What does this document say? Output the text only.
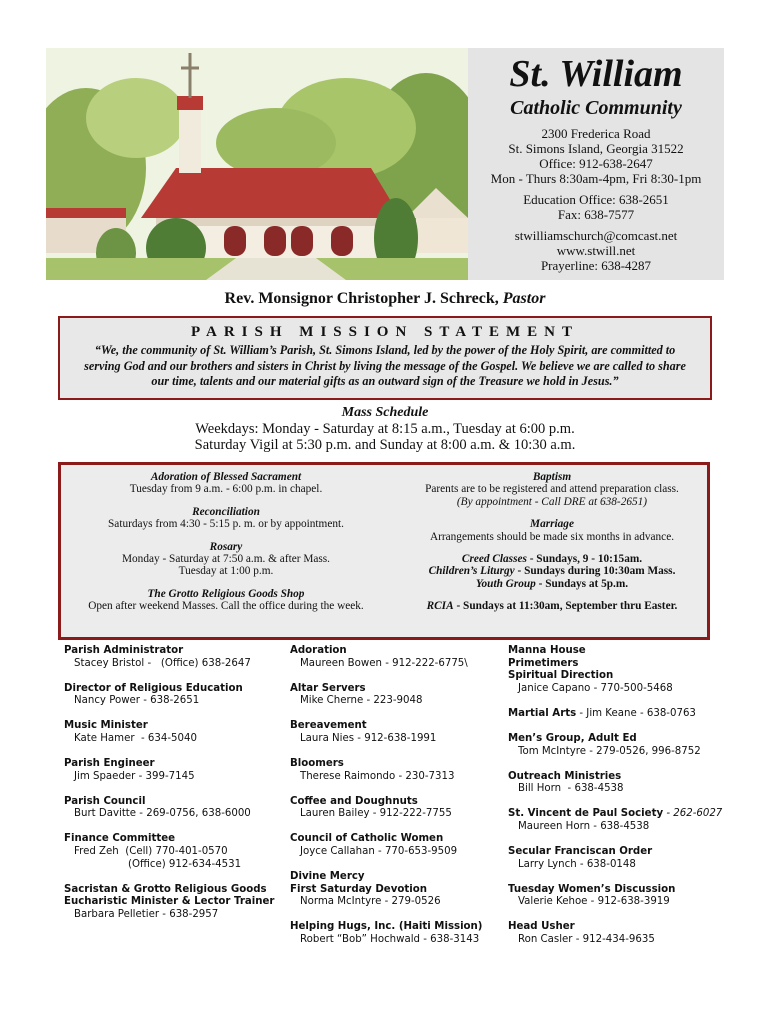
St. William
Catholic Community
2300 Frederica Road
St. Simons Island, Georgia 31522
Office: 912-638-2647
Mon - Thurs 8:30am-4pm, Fri 8:30-1pm
Education Office: 638-2651
Fax: 638-7577
stwilliamschurch@comcast.net
www.stwill.net
Prayerline: 638-4287
Rev. Monsignor Christopher J. Schreck, Pastor
PARISH MISSION STATEMENT
“We, the community of St. William’s Parish, St. Simons Island, led by the power of the Holy Spirit, are committed to serving God and our brothers and sisters in Christ by living the message of the Gospel. We believe we are called to share our time, talents and our material gifts as an outward sign of the Treasure we hold in Jesus.”
Mass Schedule
Weekdays: Monday - Saturday at 8:15 a.m., Tuesday at 6:00 p.m.
Saturday Vigil at 5:30 p.m. and Sunday at 8:00 a.m. & 10:30 a.m.
Adoration of Blessed Sacrament
Tuesday from 9 a.m. - 6:00 p.m. in chapel.
Reconciliation
Saturdays from 4:30 - 5:15 p. m. or by appointment.
Rosary
Monday - Saturday at 7:50 a.m. & after Mass.
Tuesday at 1:00 p.m.
The Grotto Religious Goods Shop
Open after weekend Masses. Call the office during the week.
Baptism
Parents are to be registered and attend preparation class.
(By appointment - Call DRE at 638-2651)
Marriage
Arrangements should be made six months in advance.
Creed Classes - Sundays, 9 - 10:15am.
Children’s Liturgy - Sundays during 10:30am Mass.
Youth Group - Sundays at 5p.m.
RCIA - Sundays at 11:30am, September thru Easter.
Parish Administrator
Stacey Bristol -   (Office) 638-2647
Director of Religious Education
Nancy Power - 638-2651
Music Minister
Kate Hamer  - 634-5040
Parish Engineer
Jim Spaeder - 399-7145
Parish Council
Burt Davitte - 269-0756, 638-6000
Finance Committee
Fred Zeh  (Cell) 770-401-0570
(Office) 912-634-4531
Sacristan & Grotto Religious Goods
Eucharistic Minister & Lector Trainer
Barbara Pelletier - 638-2957
Adoration
Maureen Bowen - 912-222-6775\
Altar Servers
Mike Cherne - 223-9048
Bereavement
Laura Nies - 912-638-1991
Bloomers
Therese Raimondo - 230-7313
Coffee and Doughnuts
Lauren Bailey - 912-222-7755
Council of Catholic Women
Joyce Callahan - 770-653-9509
Divine Mercy
First Saturday Devotion
Norma McIntyre - 279-0526
Helping Hugs, Inc. (Haiti Mission)
Robert “Bob” Hochwald - 638-3143
Manna House
Primetimers
Spiritual Direction
Janice Capano - 770-500-5468
Martial Arts - Jim Keane - 638-0763
Men’s Group, Adult Ed
Tom McIntyre - 279-0526, 996-8752
Outreach Ministries
Bill Horn  - 638-4538
St. Vincent de Paul Society - 262-6027
Maureen Horn - 638-4538
Secular Franciscan Order
Larry Lynch - 638-0148
Tuesday Women’s Discussion
Valerie Kehoe - 912-638-3919
Head Usher
Ron Casler - 912-434-9635
